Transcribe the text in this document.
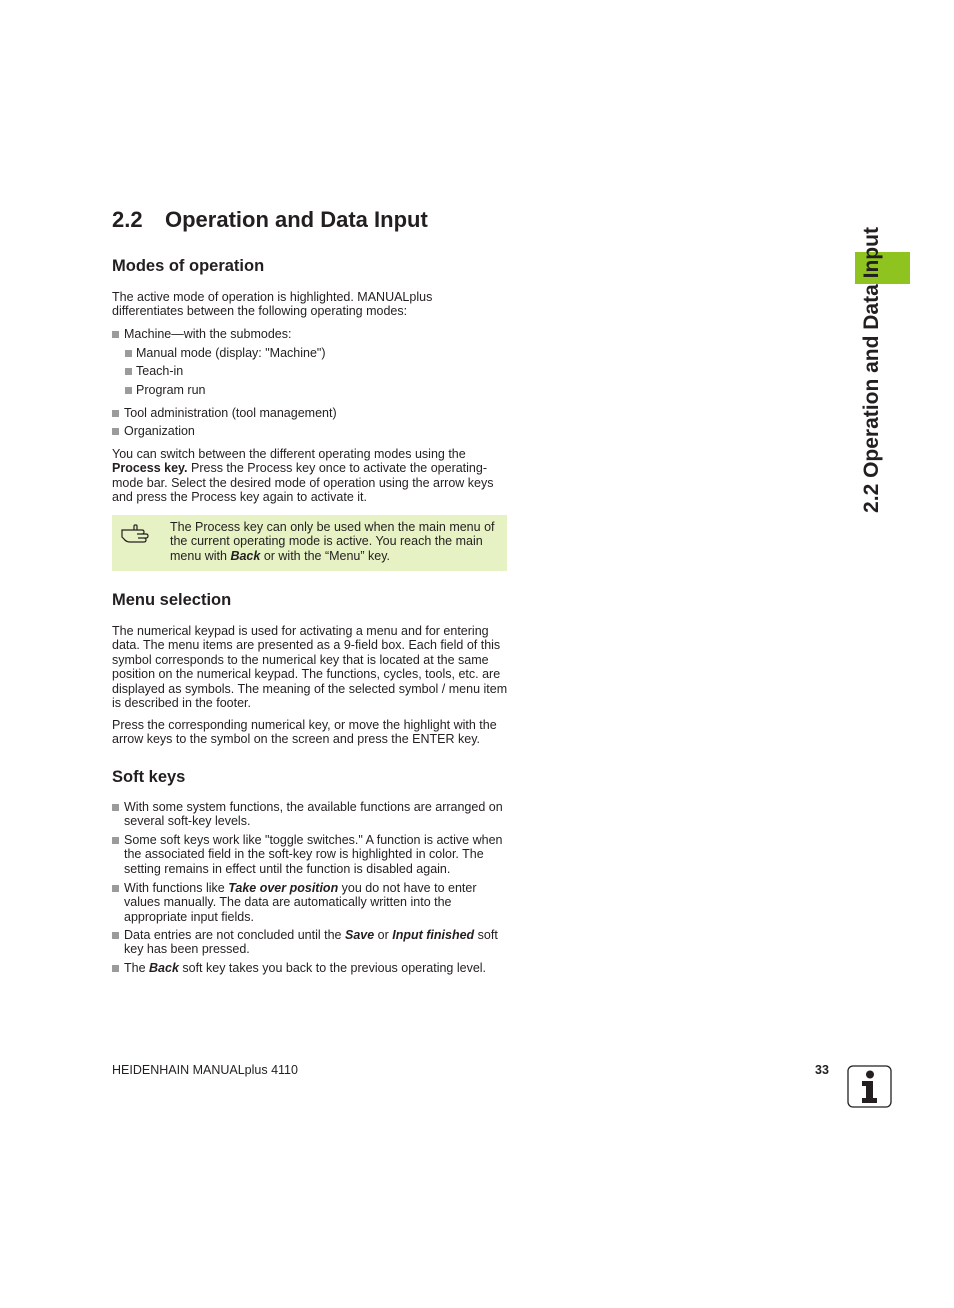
2.2 Operation and Data Input
Modes of operation

The active mode of operation is highlighted. MANUALplus differentiates between the following operating modes:

Machine—with the submodes:

Manual mode (display: "Machine")

Teach-in

Program run

Tool administration (tool management)

Organization

You can switch between the different operating modes using the Process key. Press the Process key once to activate the operating-mode bar. Select the desired mode of operation using the arrow keys and press the Process key again to activate it.

The Process key can only be used when the main menu of the current operating mode is active. You reach the main menu with Back or with the “Menu” key.

Menu selection

The numerical keypad is used for activating a menu and for entering data. The menu items are presented as a 9-field box. Each field of this symbol corresponds to the numerical key that is located at the same position on the numerical keypad. The functions, cycles, tools, etc. are displayed as symbols. The meaning of the selected symbol / menu item is described in the footer.

Press the corresponding numerical key, or move the highlight with the arrow keys to the symbol on the screen and press the ENTER key.

Soft keys

With some system functions, the available functions are arranged on several soft-key levels.

Some soft keys work like "toggle switches." A function is active when the associated field in the soft-key row is highlighted in color. The setting remains in effect until the function is disabled again.

With functions like Take over position you do not have to enter values manually. The data are automatically written into the appropriate input fields.

Data entries are not concluded until the Save or Input finished soft key has been pressed.

The Back soft key takes you back to the previous operating level.

2.2 Operation and Data Input
HEIDENHAIN MANUALplus 4110	33
